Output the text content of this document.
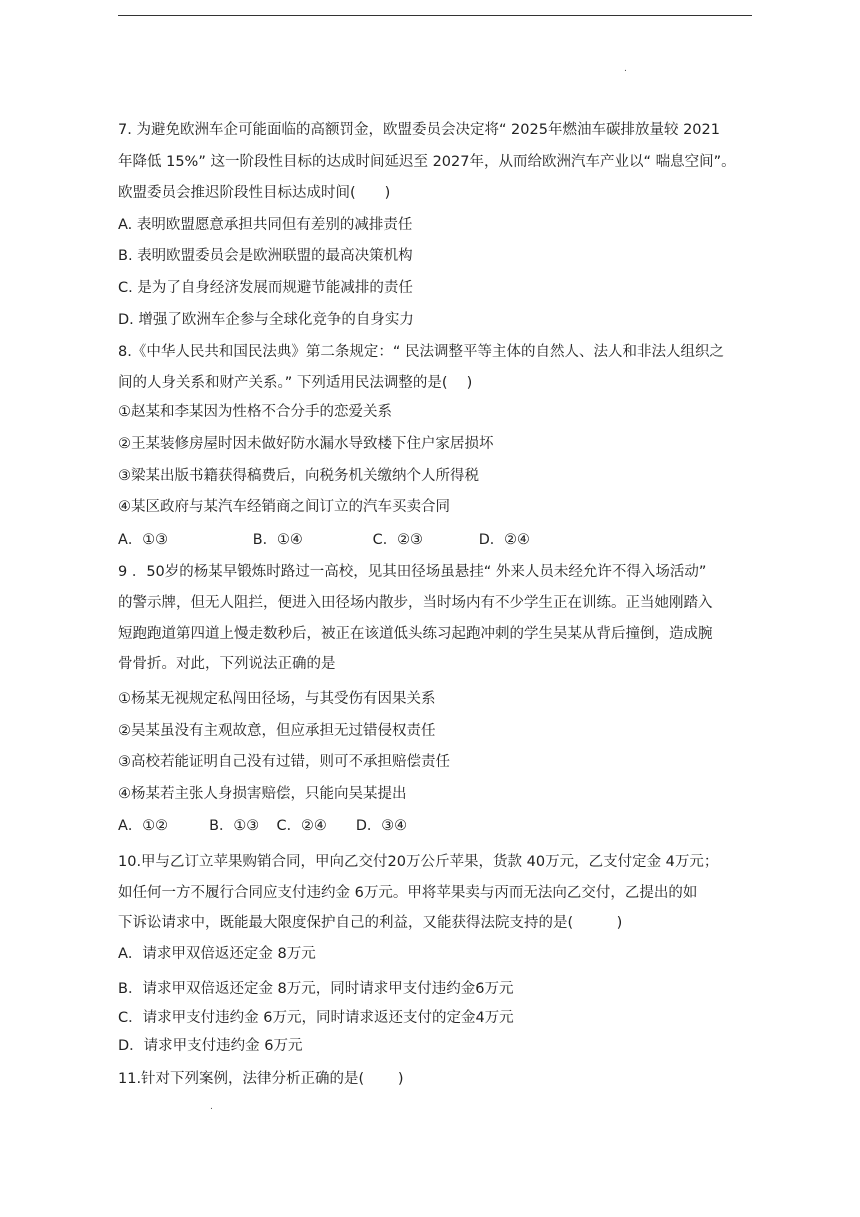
.
7. 为避免欧洲车企可能面临的高额罚金，欧盟委员会决定将“ 2025年燃油车碳排放量较 2021
年降低 15%” 这一阶段性目标的达成时间延迟至 2027年，从而给欧洲汽车产业以“ 喘息空间”。
欧盟委员会推迟阶段性目标达成时间(　　)
A. 表明欧盟愿意承担共同但有差别的减排责任
B. 表明欧盟委员会是欧洲联盟的最高决策机构
C. 是为了自身经济发展而规避节能减排的责任
D. 增强了欧洲车企参与全球化竞争的自身实力
8.《中华人民共和国民法典》第二条规定：“ 民法调整平等主体的自然人、法人和非法人组织之
间的人身关系和财产关系。” 下列适用民法调整的是(　 )
①赵某和李某因为性格不合分手的恋爱关系
②王某装修房屋时因未做好防水漏水导致楼下住户家居损坏
③梁某出版书籍获得稿费后，向税务机关缴纳个人所得税
④某区政府与某汽车经销商之间订立的汽车买卖合同
A．①③	B．①④	C．②③	D．②④
9 ．50岁的杨某早锻炼时路过一高校，见其田径场虽悬挂“ 外来人员未经允许不得入场活动”
的警示牌，但无人阻拦，便进入田径场内散步，当时场内有不少学生正在训练。正当她刚踏入
短跑跑道第四道上慢走数秒后，被正在该道低头练习起跑冲刺的学生吴某从背后撞倒，造成腕
骨骨折。对此，下列说法正确的是
①杨某无视规定私闯田径场，与其受伤有因果关系
②吴某虽没有主观故意，但应承担无过错侵权责任
③高校若能证明自己没有过错，则可不承担赔偿责任
④杨某若主张人身损害赔偿，只能向吴某提出
A．①②	B．①③ C．②④ D．③④
10.甲与乙订立苹果购销合同，甲向乙交付20万公斤苹果，货款 40万元，乙支付定金 4万元；
如任何一方不履行合同应支付违约金 6万元。甲将苹果卖与丙而无法向乙交付，乙提出的如
下诉讼请求中，既能最大限度保护自己的利益，又能获得法院支持的是(　　　)
A．请求甲双倍返还定金 8万元
B．请求甲双倍返还定金 8万元，同时请求甲支付违约金6万元
C．请求甲支付违约金 6万元，同时请求返还支付的定金4万元
D．请求甲支付违约金 6万元
11.针对下列案例，法律分析正确的是(　　 )
.
